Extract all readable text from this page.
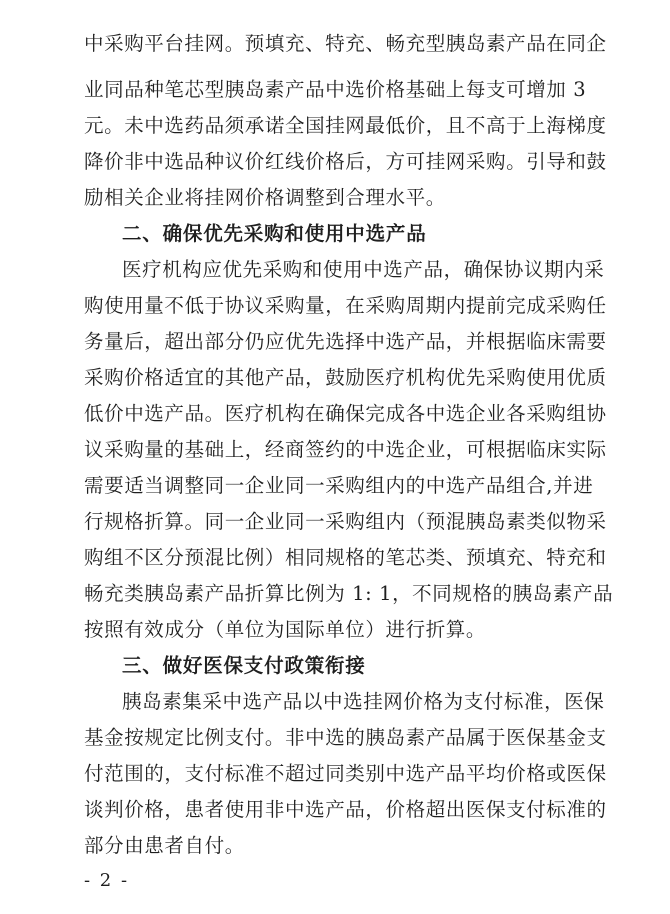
中采购平台挂网。预填充、特充、畅充型胰岛素产品在同企
业同品种笔芯型胰岛素产品中选价格基础上每支可增加 3
元。未中选药品须承诺全国挂网最低价，且不高于上海梯度
降价非中选品种议价红线价格后，方可挂网采购。引导和鼓
励相关企业将挂网价格调整到合理水平。
二、确保优先采购和使用中选产品
医疗机构应优先采购和使用中选产品，确保协议期内采
购使用量不低于协议采购量，在采购周期内提前完成采购任
务量后，超出部分仍应优先选择中选产品，并根据临床需要
采购价格适宜的其他产品，鼓励医疗机构优先采购使用优质
低价中选产品。医疗机构在确保完成各中选企业各采购组协
议采购量的基础上，经商签约的中选企业，可根据临床实际
需要适当调整同一企业同一采购组内的中选产品组合,并进
行规格折算。同一企业同一采购组内（预混胰岛素类似物采
购组不区分预混比例）相同规格的笔芯类、预填充、特充和
畅充类胰岛素产品折算比例为 1: 1，不同规格的胰岛素产品
按照有效成分（单位为国际单位）进行折算。
三、做好医保支付政策衔接
胰岛素集采中选产品以中选挂网价格为支付标准，医保
基金按规定比例支付。非中选的胰岛素产品属于医保基金支
付范围的，支付标准不超过同类别中选产品平均价格或医保
谈判价格，患者使用非中选产品，价格超出医保支付标准的
部分由患者自付。
- 2 -
